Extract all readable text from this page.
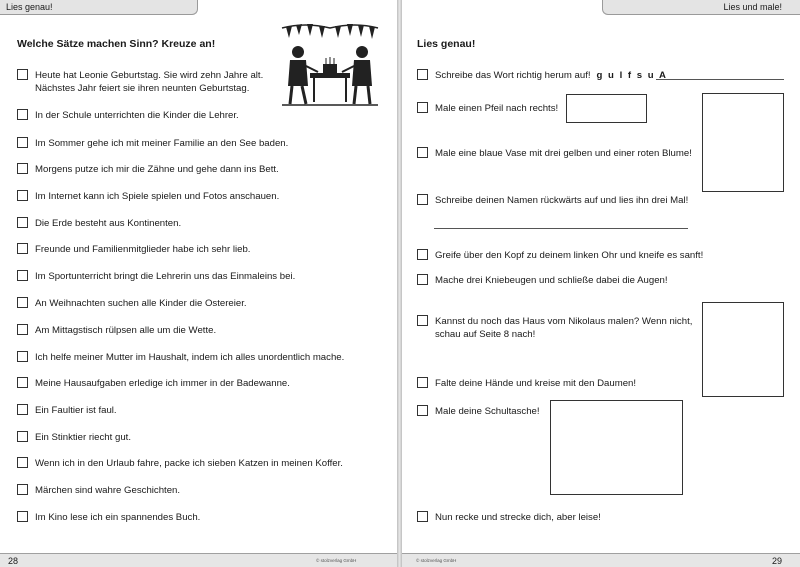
Lies genau!
Welche Sätze machen Sinn? Kreuze an!
Heute hat Leonie Geburtstag. Sie wird zehn Jahre alt.
Nächstes Jahr feiert sie ihren neunten Geburtstag.
In der Schule unterrichten die Kinder die Lehrer.
Im Sommer gehe ich mit meiner Familie an den See baden.
Morgens putze ich mir die Zähne und gehe dann ins Bett.
Im Internet kann ich Spiele spielen und Fotos anschauen.
Die Erde besteht aus Kontinenten.
Freunde und Familienmitglieder habe ich sehr lieb.
Im Sportunterricht bringt die Lehrerin uns das Einmaleins bei.
An Weihnachten suchen alle Kinder die Ostereier.
Am Mittagstisch rülpsen alle um die Wette.
Ich helfe meiner Mutter im Haushalt, indem ich alles unordentlich mache.
Meine Hausaufgaben erledige ich immer in der Badewanne.
Ein Faultier ist faul.
Ein Stinktier riecht gut.
Wenn ich in den Urlaub fahre, packe ich sieben Katzen in meinen Koffer.
Märchen sind wahre Geschichten.
Im Kino lese ich ein spannendes Buch.
28	© stolzverlag GmbH
Lies und male!
Lies genau!
Schreibe das Wort richtig herum auf! g u l f s u A
Male einen Pfeil nach rechts!
Male eine blaue Vase mit drei gelben und einer roten Blume!
Schreibe deinen Namen rückwärts auf und lies ihn drei Mal!
Greife über den Kopf zu deinem linken Ohr und kneife es sanft!
Mache drei Kniebeugen und schließe dabei die Augen!
Kannst du noch das Haus vom Nikolaus malen? Wenn nicht,
schau auf Seite 8 nach!
Falte deine Hände und kreise mit den Daumen!
Male deine Schultasche!
Nun recke und strecke dich, aber leise!
© stolzverlag GmbH	29
